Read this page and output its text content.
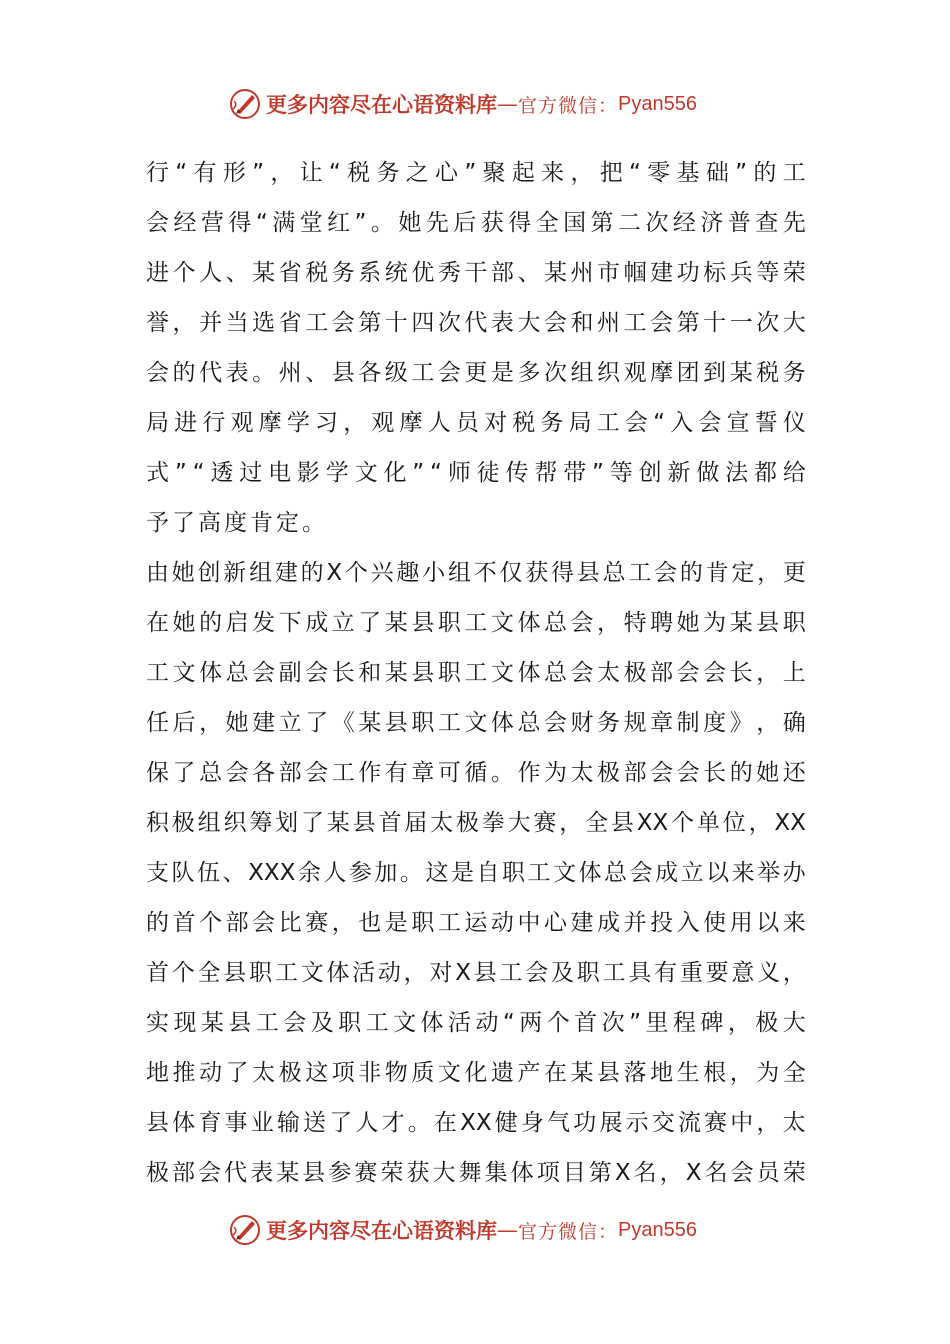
更多内容尽在心语资料库 — 官方微信： Pyan556
行 “ 有 形 ” ， 让 “ 税 务 之 心 ” 聚 起 来 ， 把 “ 零 基 础 ” 的 工
会 经 营 得 “ 满 堂 红 ” 。 她 先 后 获 得 全 国 第 二 次 经 济 普 查 先
进 个 人 、 某 省 税 务 系 统 优 秀 干 部 、 某 州 市 帼 建 功 标 兵 等 荣
誉 ， 并 当 选 省 工 会 第 十 四 次 代 表 大 会 和 州 工 会 第 十 一 次 大
会 的 代 表 。 州 、 县 各 级 工 会 更 是 多 次 组 织 观 摩 团 到 某 税 务
局 进 行 观 摩 学 习 ， 观 摩 人 员 对 税 务 局 工 会 “ 入 会 宣 誓 仪
式 ” “ 透 过 电 影 学 文 化 ” “ 师 徒 传 帮 带 ” 等 创 新 做 法 都 给
予了高度肯定。
由 她 创 新 组 建 的 X 个 兴 趣 小 组 不 仅 获 得 县 总 工 会 的 肯 定 ， 更
在 她 的 启 发 下 成 立 了 某 县 职 工 文 体 总 会 ， 特 聘 她 为 某 县 职
工 文 体 总 会 副 会 长 和 某 县 职 工 文 体 总 会 太 极 部 会 会 长 ， 上
任 后 ， 她 建 立 了 《 某 县 职 工 文 体 总 会 财 务 规 章 制 度 》 ， 确
保 了 总 会 各 部 会 工 作 有 章 可 循 。 作 为 太 极 部 会 会 长 的 她 还
积 极 组 织 筹 划 了 某 县 首 届 太 极 拳 大 赛 ， 全 县 XX 个 单 位 ， XX
支 队 伍 、 XXX 余 人 参 加 。 这 是 自 职 工 文 体 总 会 成 立 以 来 举 办
的 首 个 部 会 比 赛 ， 也 是 职 工 运 动 中 心 建 成 并 投 入 使 用 以 来
首 个 全 县 职 工 文 体 活 动 ， 对 X 县 工 会 及 职 工 具 有 重 要 意 义 ，
实 现 某 县 工 会 及 职 工 文 体 活 动 “ 两 个 首 次 ” 里 程 碑 ， 极 大
地 推 动 了 太 极 这 项 非 物 质 文 化 遗 产 在 某 县 落 地 生 根 ， 为 全
县 体 育 事 业 输 送 了 人 才 。 在 XX 健 身 气 功 展 示 交 流 赛 中 ， 太
极 部 会 代 表 某 县 参 赛 荣 获 大 舞 集 体 项 目 第 X 名 ， X 名 会 员 荣
更多内容尽在心语资料库 — 官方微信： Pyan556
